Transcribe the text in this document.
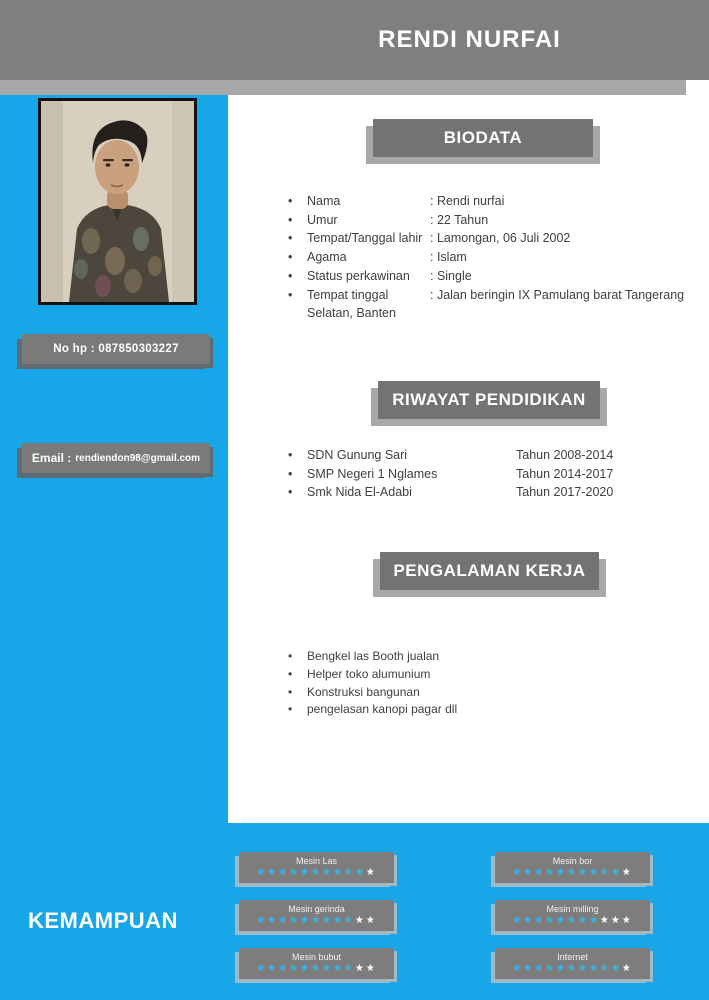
RENDI NURFAI
No hp : 087850303227
Email : rendiendon98@gmail.com
BIODATA
RIWAYAT PENDIDIKAN
PENGALAMAN KERJA
• Nama	: Rendi nurfai
• Umur	: 22 Tahun
• Tempat/Tanggal lahir : Lamongan, 06 Juli 2002
• Agama	: Islam
• Status perkawinan : Single
• Tempat tinggal	: Jalan beringin IX Pamulang barat Tangerang Selatan, Banten
• SDN Gunung Sari	Tahun 2008-2014
• SMP Negeri 1 Nglames	Tahun 2014-2017
• Smk Nida El-Adabi	Tahun 2017-2020
• Bengkel las Booth jualan
• Helper toko alumunium
• Konstruksi bangunan
• pengelasan kanopi pagar dll
KEMAMPUAN
Mesin Las
★★★★★★★★★★★
Mesin gerinda
★★★★★★★★★★★
Mesin bubut
★★★★★★★★★★★
Mesin bor
★★★★★★★★★★★
Mesin milling
★★★★★★★★★★★
Internet
★★★★★★★★★★★
